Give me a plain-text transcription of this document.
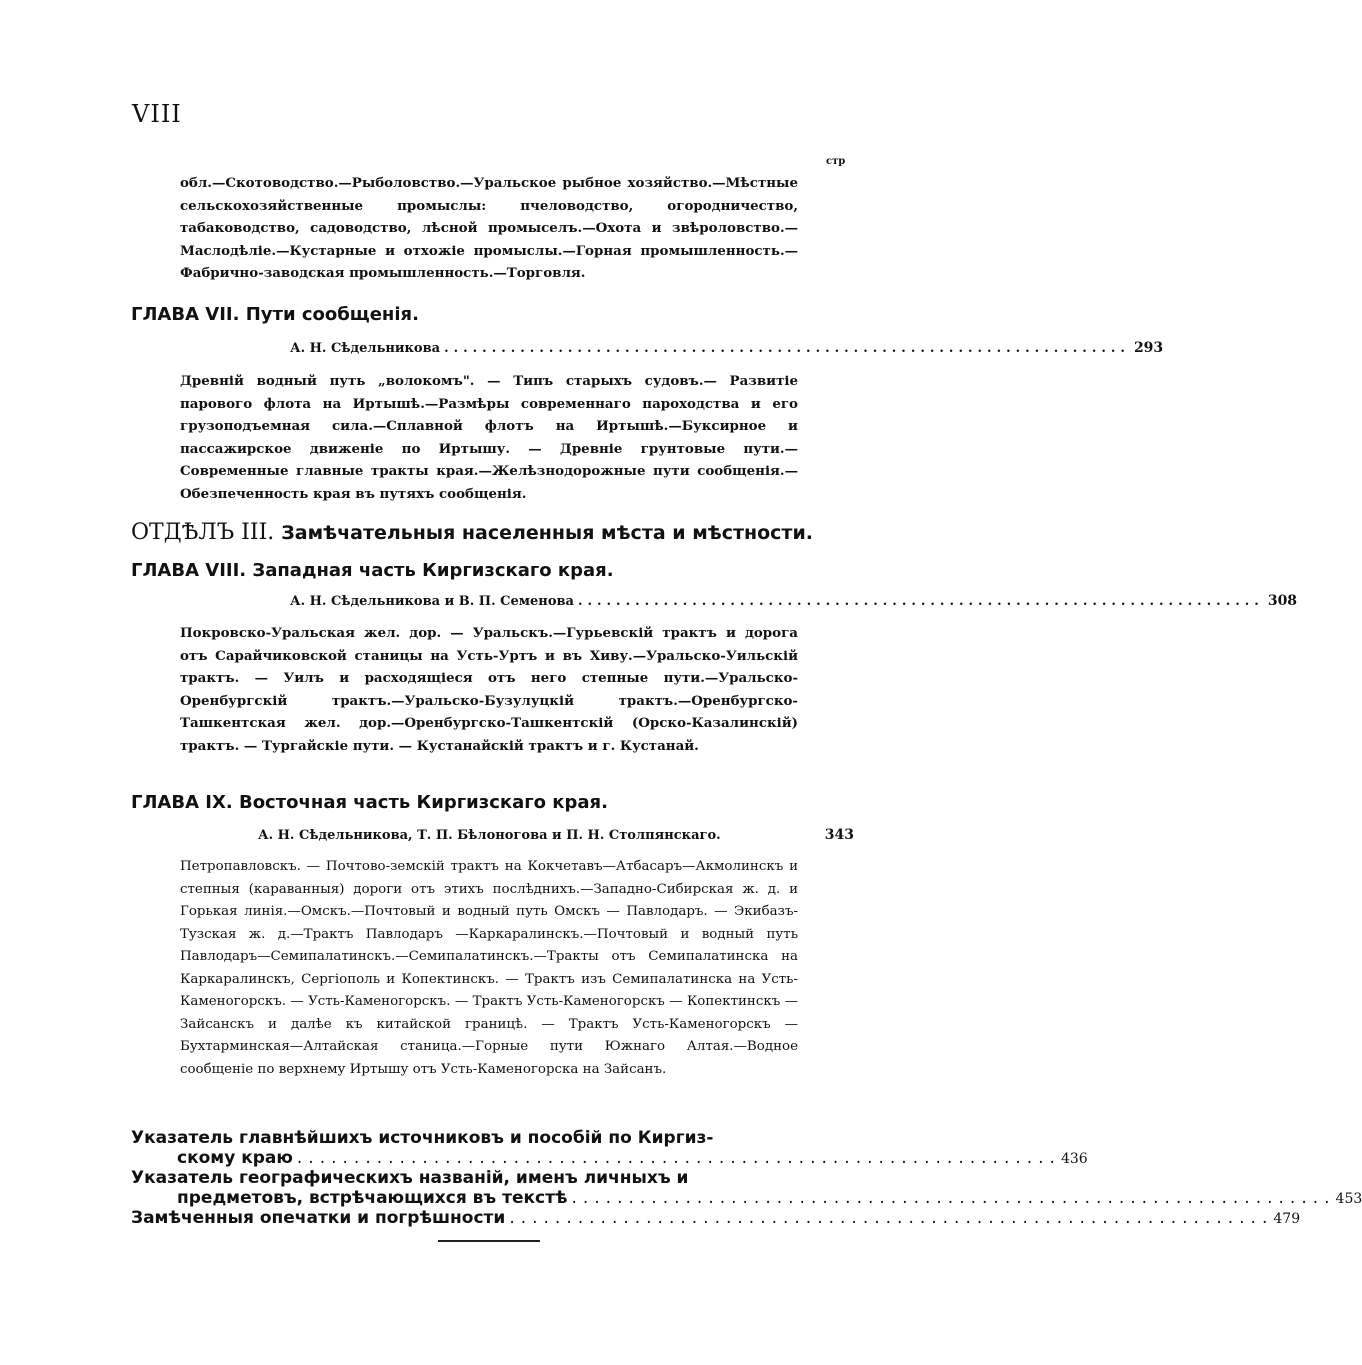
VIII
стр
обл.—Скотоводство.—Рыболовство.—Уральское рыбное хозяйство.—Мѣстные сельскохозяйственные промыслы: пчеловодство, огородничество, табаководство, садоводство, лѣсной промыселъ.—Охота и звѣроловство.—Маслодѣліе.—Кустарные и отхожіе промыслы.—Горная промышленность.—Фабрично-заводская промышленность.—Торговля.
ГЛАВА VII. Пути сообщенія.
А. Н. Сѣдельникова ........................................................................ 293
Древній водный путь „волокомъ". — Типъ старыхъ судовъ.— Развитіе парового флота на Иртышѣ.—Размѣры современнаго пароходства и его грузоподъемная сила.—Сплавной флотъ на Иртышѣ.—Буксирное и пассажирское движеніе по Иртышу. — Древніе грунтовые пути.—Современные главные тракты края.—Желѣзнодорожные пути сообщенія.—Обезпеченность края въ путяхъ сообщенія.
ОТДѢЛЪ III. Замѣчательныя населенныя мѣста и мѣстности.
ГЛАВА VIII. Западная часть Киргизскаго края.
А. Н. Сѣдельникова и В. П. Семенова ........................................................................ 308
Покровско-Уральская жел. дор. — Уральскъ.—Гурьевскій трактъ и дорога отъ Сарайчиковской станицы на Усть-Уртъ и въ Хиву.—Уральско-Уильскій трактъ. — Уилъ и расходящіеся отъ него степные пути.—Уральско-Оренбургскій трактъ.—Уральско-Бузулуцкій трактъ.—Оренбургско-Ташкентская жел. дор.—Оренбургско-Ташкентскій (Орско-Казалинскій) трактъ. — Тургайскіе пути. — Кустанайскій трактъ и г. Кустанай.
ГЛАВА IX. Восточная часть Киргизскаго края.
А. Н. Сѣдельникова, Т. П. Бѣлоногова и П. Н. Столпянскаго.	343
Петропавловскъ. — Почтово-земскій трактъ на Кокчетавъ—Атбасаръ—Акмолинскъ и степныя (караванныя) дороги отъ этихъ послѣднихъ.—Западно-Сибирская ж. д. и Горькая линія.—Омскъ.—Почтовый и водный путь Омскъ — Павлодаръ. — Экибазъ-Тузская ж. д.—Трактъ Павлодаръ —Каркаралинскъ.—Почтовый и водный путь Павлодаръ—Семипалатинскъ.—Семипалатинскъ.—Тракты отъ Семипалатинска на Каркаралинскъ, Сергіополь и Копектинскъ. — Трактъ изъ Семипалатинска на Усть-Каменогорскъ. — Усть-Каменогорскъ. — Трактъ Усть-Каменогорскъ — Копектинскъ — Зайсанскъ и далѣе къ китайской границѣ. — Трактъ Усть-Каменогорскъ — Бухтарминская—Алтайская станица.—Горные пути Южнаго Алтая.—Водное сообщеніе по верхнему Иртышу отъ Усть-Каменогорска на Зайсанъ.
Указатель главнѣйшихъ источниковъ и пособій по Киргиз-
скому краю ................................................................... 436
Указатель географическихъ названій, именъ личныхъ и
предметовъ, встрѣчающихся въ текстѣ ................................................................... 453
Замѣченныя опечатки и погрѣшности ................................................................... 479
